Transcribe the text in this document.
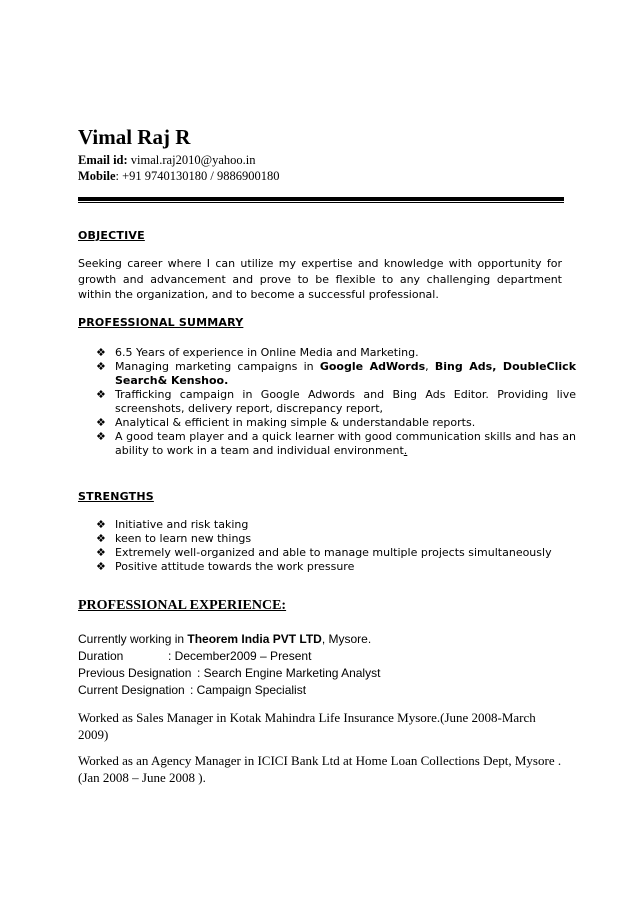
Vimal Raj R
Email id: vimal.raj2010@yahoo.in
Mobile: +91 9740130180 / 9886900180
OBJECTIVE
Seeking career where I can utilize my expertise and knowledge with opportunity for growth and advancement and prove to be flexible to any challenging department within the organization, and to become a successful professional.
PROFESSIONAL SUMMARY
❖ 6.5 Years of experience in Online Media and Marketing.
❖ Managing marketing campaigns in Google AdWords, Bing Ads, DoubleClick Search& Kenshoo.
❖ Trafficking campaign in Google Adwords and Bing Ads Editor. Providing live screenshots, delivery report, discrepancy report,
❖ Analytical & efficient in making simple & understandable reports.
❖ A good team player and a quick learner with good communication skills and has an ability to work in a team and individual environment.
STRENGTHS
❖ Initiative and risk taking
❖ keen to learn new things
❖ Extremely well-organized and able to manage multiple projects simultaneously
❖ Positive attitude towards the work pressure
PROFESSIONAL EXPERIENCE:
Currently working in Theorem India PVT LTD, Mysore.
Duration	: December2009 – Present
Previous Designation : Search Engine Marketing Analyst
Current Designation : Campaign Specialist
Worked as Sales Manager in Kotak Mahindra Life Insurance Mysore.(June 2008-March 2009)
Worked as an Agency Manager in ICICI Bank Ltd at Home Loan Collections Dept, Mysore . (Jan 2008 – June 2008 ).
